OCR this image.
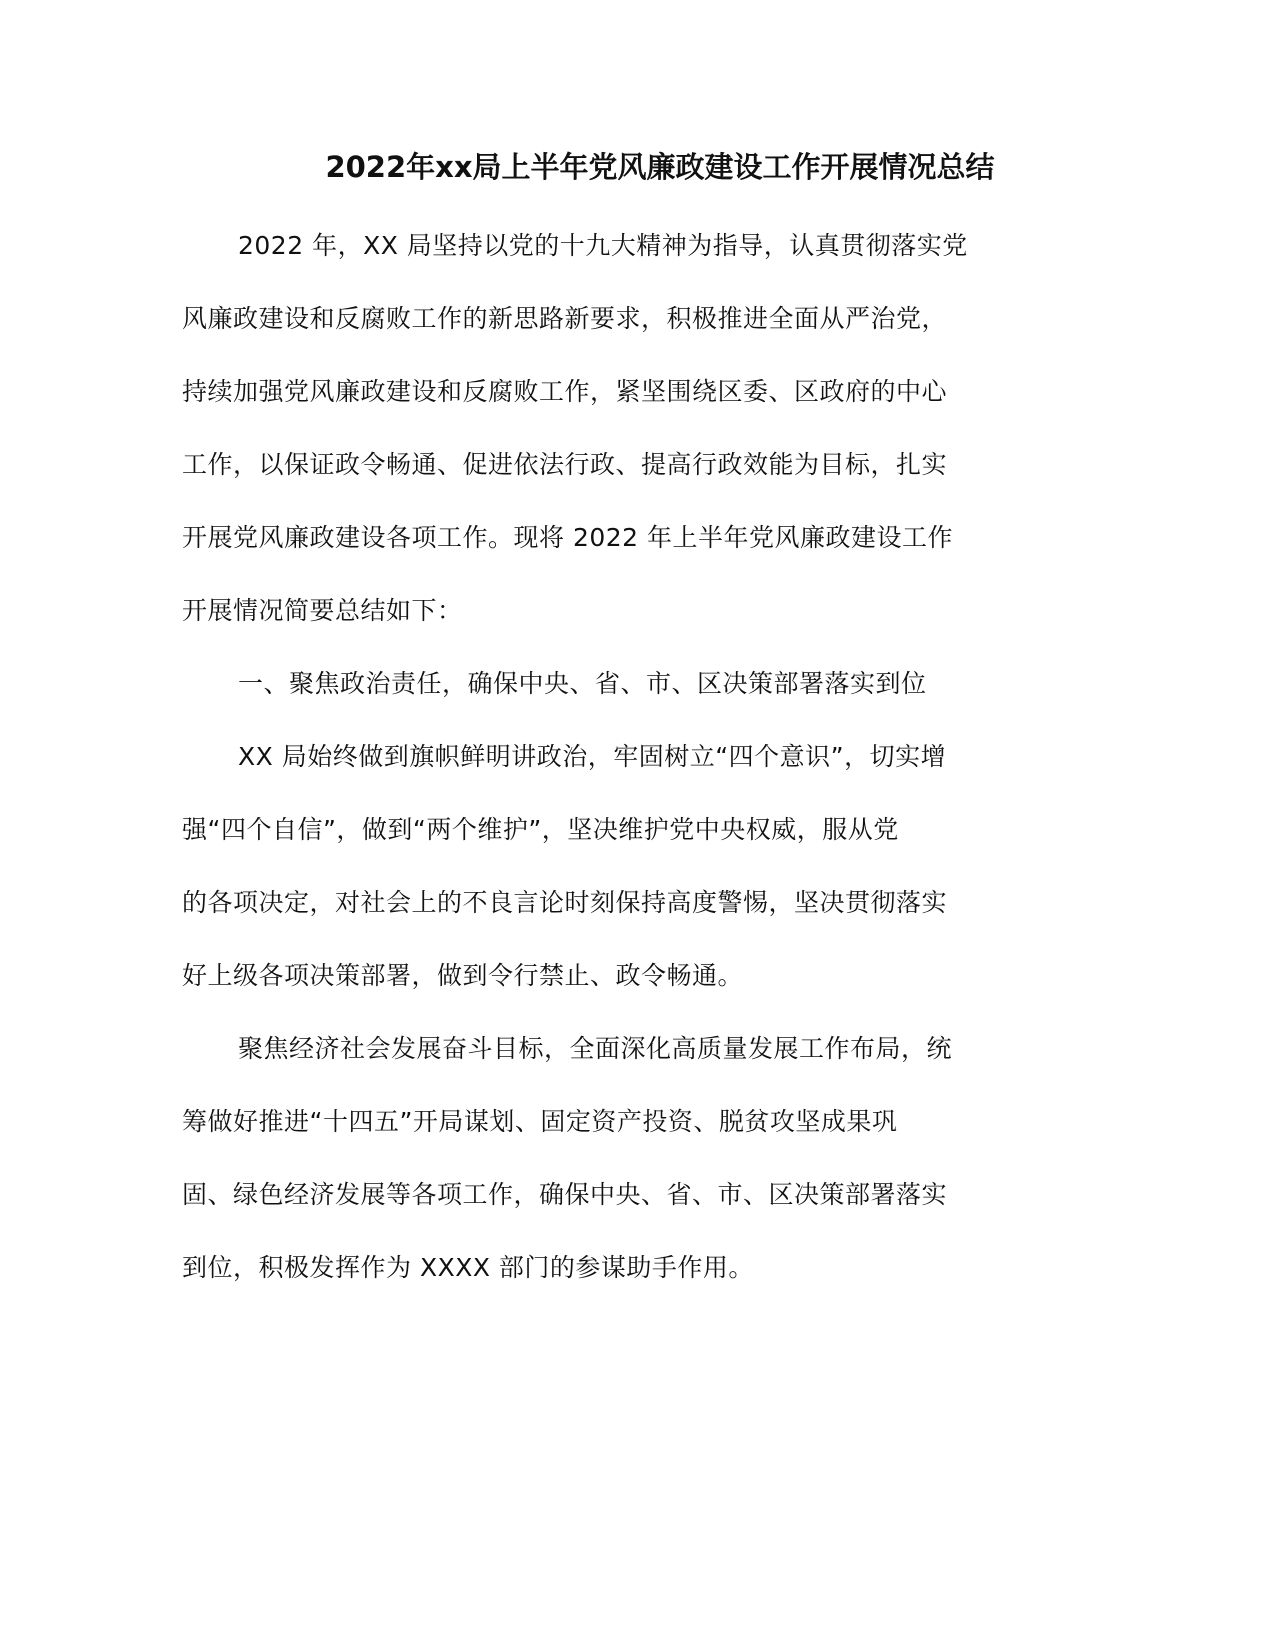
2022年xx局上半年党风廉政建设工作开展情况总结
2022 年，XX 局坚持以党的十九大精神为指导，认真贯彻落实党
风廉政建设和反腐败工作的新思路新要求，积极推进全面从严治党，
持续加强党风廉政建设和反腐败工作，紧坚围绕区委、区政府的中心
工作，以保证政令畅通、促进依法行政、提高行政效能为目标，扎实
开展党风廉政建设各项工作。现将 2022 年上半年党风廉政建设工作
开展情况简要总结如下：
一、聚焦政治责任，确保中央、省、市、区决策部署落实到位
XX 局始终做到旗帜鲜明讲政治，牢固树立“四个意识”，切实增
强“四个自信”，做到“两个维护”，坚决维护党中央权威，服从党
的各项决定，对社会上的不良言论时刻保持高度警惕，坚决贯彻落实
好上级各项决策部署，做到令行禁止、政令畅通。
聚焦经济社会发展奋斗目标，全面深化高质量发展工作布局，统
筹做好推进“十四五”开局谋划、固定资产投资、脱贫攻坚成果巩
固、绿色经济发展等各项工作，确保中央、省、市、区决策部署落实
到位，积极发挥作为 XXXX 部门的参谋助手作用。
